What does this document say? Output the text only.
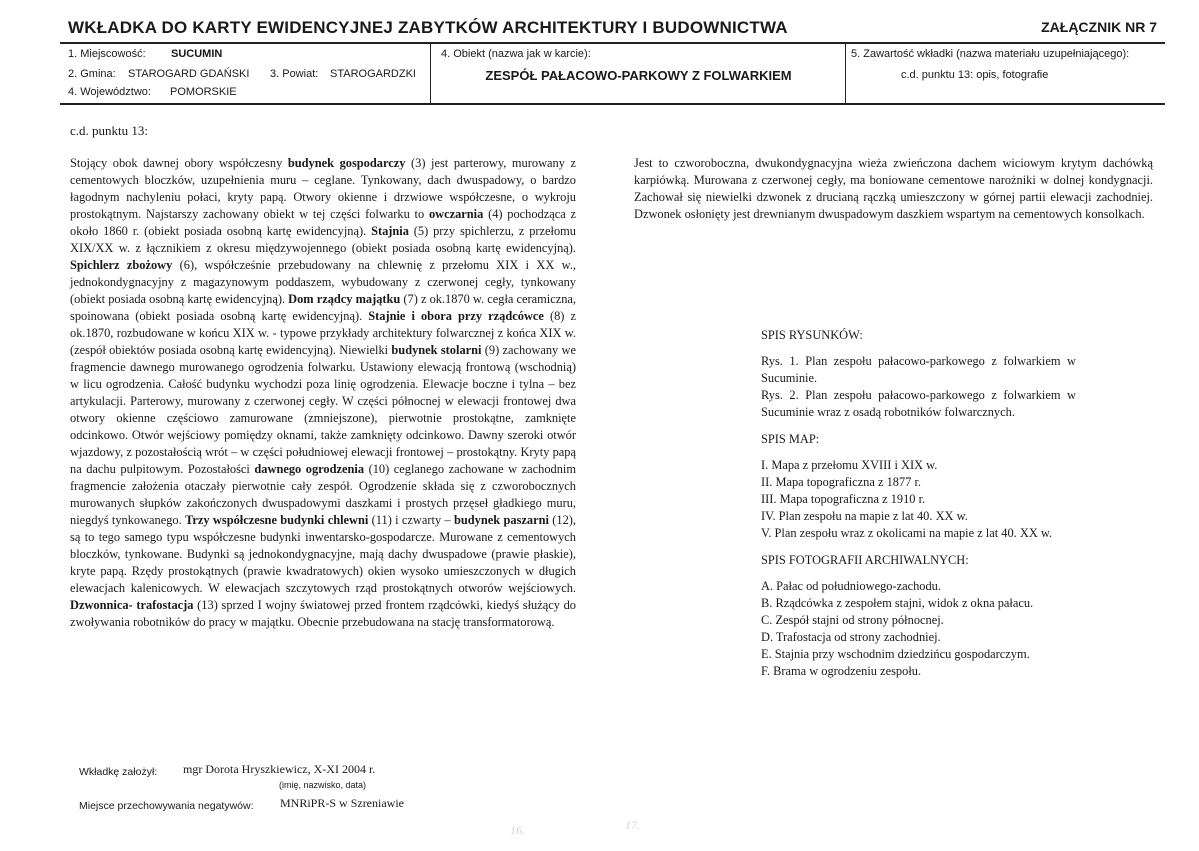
WKŁADKA DO KARTY EWIDENCYJNEJ ZABYTKÓW ARCHITEKTURY I BUDOWNICTWA	ZAŁĄCZNIK NR 7
1. Miejscowość: SUCUMIN
2. Gmina: STAROGARD GDAŃSKI 3. Powiat: STAROGARDZKI
4. Województwo: POMORSKIE
4. Obiekt (nazwa jak w karcie):
ZESPÓŁ PAŁACOWO-PARKOWY Z FOLWARKIEM
5. Zawartość wkładki (nazwa materiału uzupełniającego):
c.d. punktu 13: opis, fotografie
c.d. punktu 13:

Stojący obok dawnej obory współczesny budynek gospodarczy (3) jest parterowy, murowany z cementowych bloczków, uzupełnienia muru – ceglane. Tynkowany, dach dwuspadowy, o bardzo łagodnym nachyleniu połaci, kryty papą. Otwory okienne i drzwiowe współczesne, o wykroju prostokątnym. Najstarszy zachowany obiekt w tej części folwarku to owczarnia (4) pochodząca z około 1860 r. (obiekt posiada osobną kartę ewidencyjną). Stajnia (5) przy spichlerzu, z przełomu XIX/XX w. z łącznikiem z okresu międzywojennego (obiekt posiada osobną kartę ewidencyjną). Spichlerz zbożowy (6), współcześnie przebudowany na chlewnię z przełomu XIX i XX w., jednokondygnacyjny z magazynowym poddaszem, wybudowany z czerwonej cegły, tynkowany (obiekt posiada osobną kartę ewidencyjną). Dom rządcy majątku (7) z ok.1870 w. cegła ceramiczna, spoinowana (obiekt posiada osobną kartę ewidencyjną). Stajnie i obora przy rządcówce (8) z ok.1870, rozbudowane w końcu XIX w. - typowe przykłady architektury folwarcznej z końca XIX w. (zespół obiektów posiada osobną kartę ewidencyjną). Niewielki budynek stolarni (9) zachowany we fragmencie dawnego murowanego ogrodzenia folwarku. Ustawiony elewacją frontową (wschodnią) w licu ogrodzenia. Całość budynku wychodzi poza linię ogrodzenia. Elewacje boczne i tylna – bez artykulacji. Parterowy, murowany z czerwonej cegły. W części północnej w elewacji frontowej dwa otwory okienne częściowo zamurowane (zmniejszone), pierwotnie prostokątne, zamknięte odcinkowo. Otwór wejściowy pomiędzy oknami, także zamknięty odcinkowo. Dawny szeroki otwór wjazdowy, z pozostałością wrót – w części południowej elewacji frontowej – prostokątny. Kryty papą na dachu pulpitowym. Pozostałości dawnego ogrodzenia (10) ceglanego zachowane w zachodnim fragmencie założenia otaczały pierwotnie cały zespół. Ogrodzenie składa się z czworobocznych murowanych słupków zakończonych dwuspadowymi daszkami i prostych przęseł gładkiego muru, niegdyś tynkowanego. Trzy współczesne budynki chlewni (11) i czwarty – budynek paszarni (12), są to tego samego typu współczesne budynki inwentarsko-gospodarcze. Murowane z cementowych bloczków, tynkowane. Budynki są jednokondygnacyjne, mają dachy dwuspadowe (prawie płaskie), kryte papą. Rzędy prostokątnych (prawie kwadratowych) okien wysoko umieszczonych w długich elewacjach kalenicowych. W elewacjach szczytowych rząd prostokątnych otworów wejściowych. Dzwonnica- trafostacja (13) sprzed I wojny światowej przed frontem rządcówki, kiedyś służący do zwoływania robotników do pracy w majątku. Obecnie przebudowana na stację transformatorową.

Jest to czworoboczna, dwukondygnacyjna wieża zwieńczona dachem wiciowym krytym dachówką karpiówką. Murowana z czerwonej cegły, ma boniowane cementowe narożniki w dolnej kondygnacji. Zachował się niewielki dzwonek z drucianą rączką umieszczony w górnej partii elewacji zachodniej. Dzwonek osłonięty jest drewnianym dwuspadowym daszkiem wspartym na cementowych konsolkach.

SPIS RYSUNKÓW:
Rys. 1. Plan zespołu pałacowo-parkowego z folwarkiem w Sucuminie.
Rys. 2. Plan zespołu pałacowo-parkowego z folwarkiem w Sucuminie wraz z osadą robotników folwarcznych.
SPIS MAP:
I. Mapa z przełomu XVIII i XIX w.
II. Mapa topograficzna z 1877 r.
III. Mapa topograficzna z 1910 r.
IV. Plan zespołu na mapie z lat 40. XX w.
V. Plan zespołu wraz z okolicami na mapie z lat 40. XX w.
SPIS FOTOGRAFII ARCHIWALNYCH:
A. Pałac od południowego-zachodu.
B. Rządcówka z zespołem stajni, widok z okna pałacu.
C. Zespół stajni od strony północnej.
D. Trafostacja od strony zachodniej.
E. Stajnia przy wschodnim dziedzińcu gospodarczym.
F. Brama w ogrodzeniu zespołu.
Wkładkę założył: mgr Dorota Hryszkiewicz, X-XI 2004 r.
(imię, nazwisko, data)
Miejsce przechowywania negatywów: MNRiPR-S w Szreniawie
16.	17.
